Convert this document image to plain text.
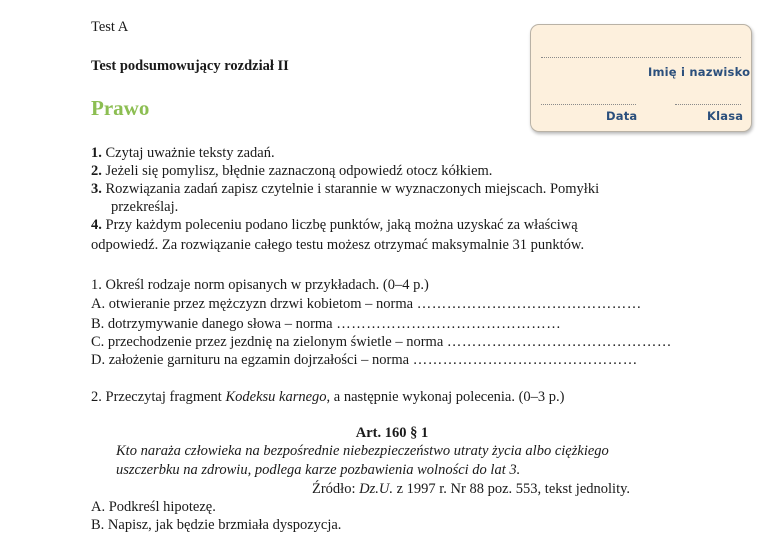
Test A
Test podsumowujący rozdział II
Prawo
Imię i nazwisko
Data	Klasa
1. Czytaj uważnie teksty zadań.
2. Jeżeli się pomylisz, błędnie zaznaczoną odpowiedź otocz kółkiem.
3. Rozwiązania zadań zapisz czytelnie i starannie w wyznaczonych miejscach. Pomyłki
przekreślaj.
4. Przy każdym poleceniu podano liczbę punktów, jaką można uzyskać za właściwą
odpowiedź. Za rozwiązanie całego testu możesz otrzymać maksymalnie 31 punktów.
1. Określ rodzaje norm opisanych w przykładach. (0–4 p.)
A. otwieranie przez mężczyzn drzwi kobietom – norma ………………………………………
B. dotrzymywanie danego słowa – norma ………………………………………
C. przechodzenie przez jezdnię na zielonym świetle – norma ………………………………………
D. założenie garnituru na egzamin dojrzałości – norma ………………………………………
2. Przeczytaj fragment Kodeksu karnego, a następnie wykonaj polecenia. (0–3 p.)
Art. 160 § 1
Kto naraża człowieka na bezpośrednie niebezpieczeństwo utraty życia albo ciężkiego
uszczerbku na zdrowiu, podlega karze pozbawienia wolności do lat 3.
Źródło: Dz.U. z 1997 r. Nr 88 poz. 553, tekst jednolity.
A. Podkreśl hipotezę.
B. Napisz, jak będzie brzmiała dyspozycja.
